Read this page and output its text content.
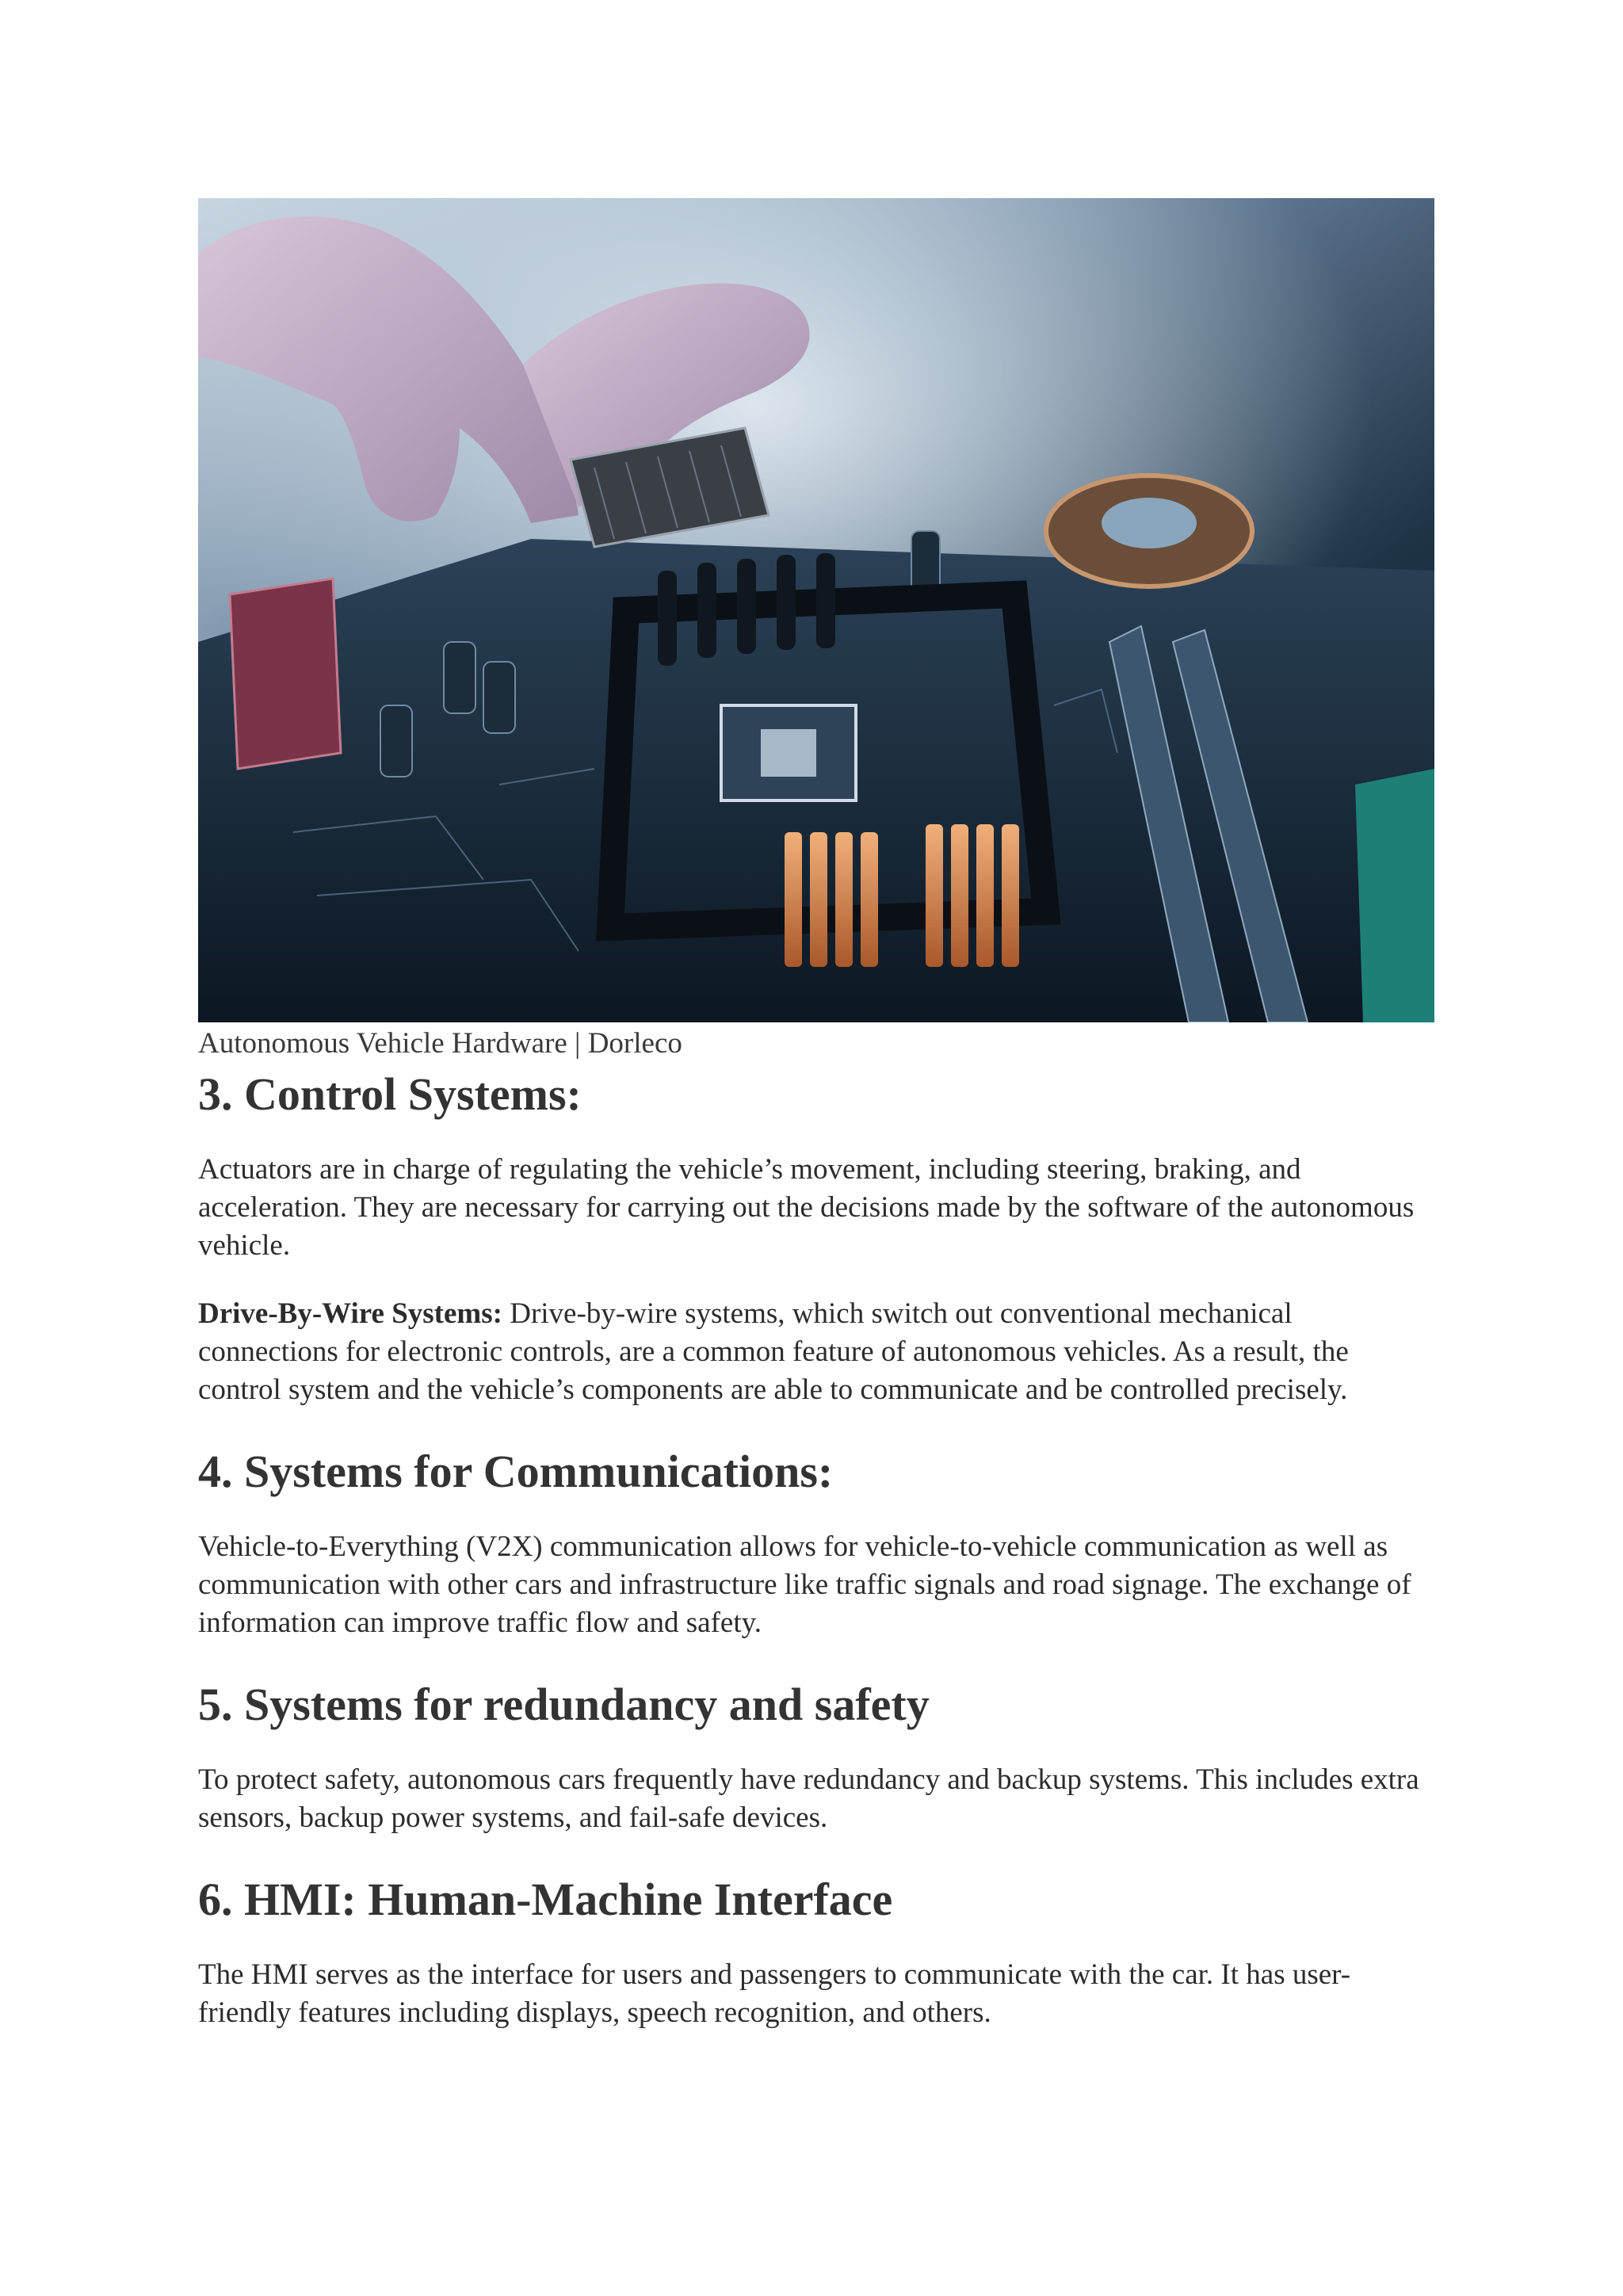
Autonomous Vehicle Hardware | Dorleco
3. Control Systems:

Actuators are in charge of regulating the vehicle’s movement, including steering, braking, and acceleration. They are necessary for carrying out the decisions made by the software of the autonomous vehicle.

Drive-By-Wire Systems: Drive-by-wire systems, which switch out conventional mechanical connections for electronic controls, are a common feature of autonomous vehicles. As a result, the control system and the vehicle’s components are able to communicate and be controlled precisely.

4. Systems for Communications:

Vehicle-to-Everything (V2X) communication allows for vehicle-to-vehicle communication as well as communication with other cars and infrastructure like traffic signals and road signage. The exchange of information can improve traffic flow and safety.

5. Systems for redundancy and safety

To protect safety, autonomous cars frequently have redundancy and backup systems. This includes extra sensors, backup power systems, and fail-safe devices.

6. HMI: Human-Machine Interface

The HMI serves as the interface for users and passengers to communicate with the car. It has user-friendly features including displays, speech recognition, and others.
